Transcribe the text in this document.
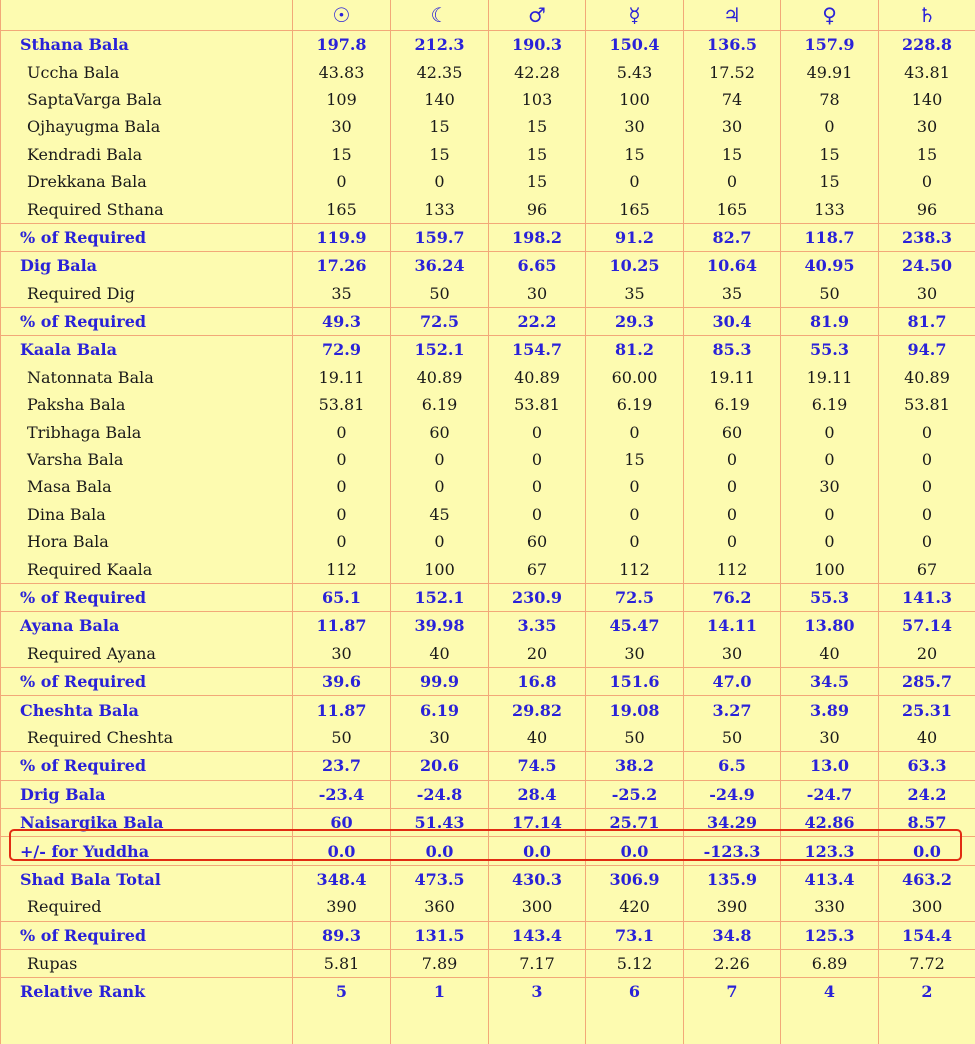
	☉	☾	♂	☿	♃	♀	♄
Sthana Bala	197.8	212.3	190.3	150.4	136.5	157.9	228.8
Uccha Bala	43.83	42.35	42.28	5.43	17.52	49.91	43.81
SaptaVarga Bala	109	140	103	100	74	78	140
Ojhayugma Bala	30	15	15	30	30	0	30
Kendradi Bala	15	15	15	15	15	15	15
Drekkana Bala	0	0	15	0	0	15	0
Required Sthana	165	133	96	165	165	133	96
% of Required	119.9	159.7	198.2	91.2	82.7	118.7	238.3
Dig Bala	17.26	36.24	6.65	10.25	10.64	40.95	24.50
Required Dig	35	50	30	35	35	50	30
% of Required	49.3	72.5	22.2	29.3	30.4	81.9	81.7
Kaala Bala	72.9	152.1	154.7	81.2	85.3	55.3	94.7
Natonnata Bala	19.11	40.89	40.89	60.00	19.11	19.11	40.89
Paksha Bala	53.81	6.19	53.81	6.19	6.19	6.19	53.81
Tribhaga Bala	0	60	0	0	60	0	0
Varsha Bala	0	0	0	15	0	0	0
Masa Bala	0	0	0	0	0	30	0
Dina Bala	0	45	0	0	0	0	0
Hora Bala	0	0	60	0	0	0	0
Required Kaala	112	100	67	112	112	100	67
% of Required	65.1	152.1	230.9	72.5	76.2	55.3	141.3
Ayana Bala	11.87	39.98	3.35	45.47	14.11	13.80	57.14
Required Ayana	30	40	20	30	30	40	20
% of Required	39.6	99.9	16.8	151.6	47.0	34.5	285.7
Cheshta Bala	11.87	6.19	29.82	19.08	3.27	3.89	25.31
Required Cheshta	50	30	40	50	50	30	40
% of Required	23.7	20.6	74.5	38.2	6.5	13.0	63.3
Drig Bala	-23.4	-24.8	28.4	-25.2	-24.9	-24.7	24.2
Naisargika Bala	60	51.43	17.14	25.71	34.29	42.86	8.57
+/- for Yuddha	0.0	0.0	0.0	0.0	-123.3	123.3	0.0
Shad Bala Total	348.4	473.5	430.3	306.9	135.9	413.4	463.2
Required	390	360	300	420	390	330	300
% of Required	89.3	131.5	143.4	73.1	34.8	125.3	154.4
Rupas	5.81	7.89	7.17	5.12	2.26	6.89	7.72
Relative Rank	5	1	3	6	7	4	2
